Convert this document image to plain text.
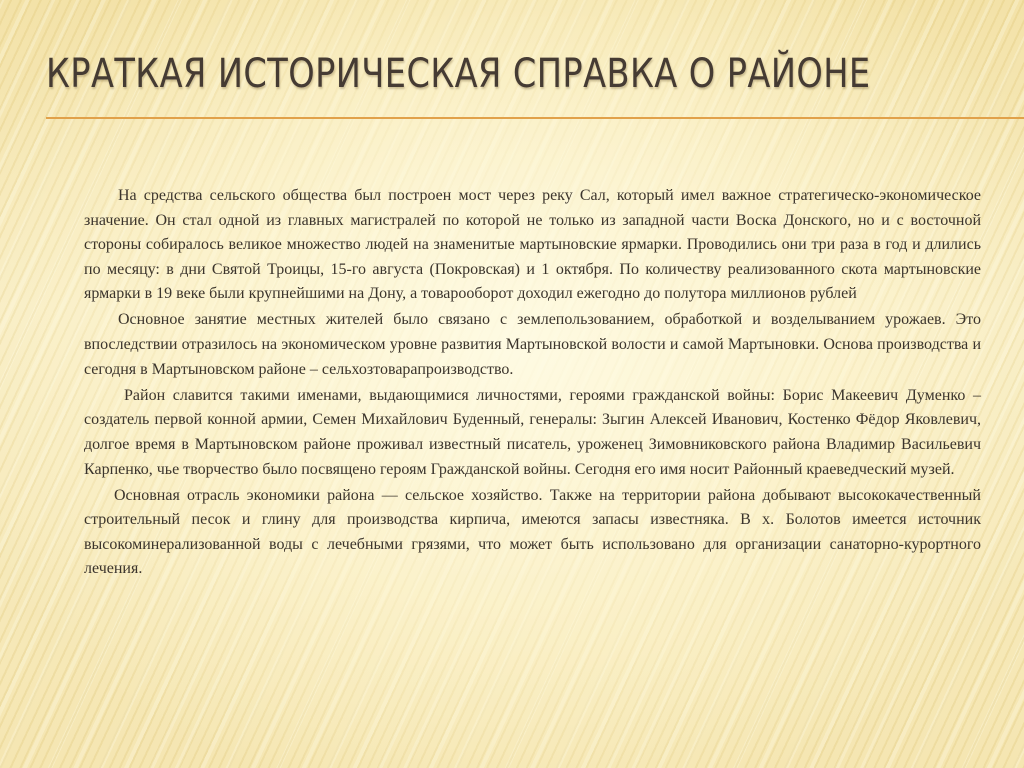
КРАТКАЯ ИСТОРИЧЕСКАЯ СПРАВКА О РАЙОНЕ

На средства сельского общества был построен мост через реку Сал, который имел важное стратегическо-экономическое значение. Он стал одной из главных магистралей по которой не только из западной части Воска Донского, но и с восточной стороны собиралось великое множество людей на знаменитые мартыновские ярмарки. Проводились они три раза в год и длились по месяцу: в дни Святой Троицы, 15-го августа (Покровская) и 1 октября. По количеству реализованного скота мартыновские ярмарки в 19 веке были крупнейшими на Дону, а товарооборот доходил ежегодно до полутора миллионов рублей

Основное занятие местных жителей было связано с землепользованием, обработкой и возделыванием урожаев. Это впоследствии отразилось на экономическом уровне развития Мартыновской волости и самой Мартыновки. Основа производства и сегодня в Мартыновском районе – сельхозтоварапроизводство.

Район славится такими именами, выдающимися личностями, героями гражданской войны: Борис Макеевич Думенко – создатель первой конной армии, Семен Михайлович Буденный, генералы: Зыгин Алексей Иванович, Костенко Фёдор Яковлевич, долгое время в Мартыновском районе проживал известный писатель, уроженец Зимовниковского района Владимир Васильевич Карпенко, чье творчество было посвящено героям Гражданской войны. Сегодня его имя носит Районный краеведческий музей.

Основная отрасль экономики района — сельское хозяйство. Также на территории района добывают высококачественный строительный песок и глину для производства кирпича, имеются запасы известняка. В х. Болотов имеется источник высокоминерализованной воды с лечебными грязями, что может быть использовано для организации санаторно-курортного лечения.
